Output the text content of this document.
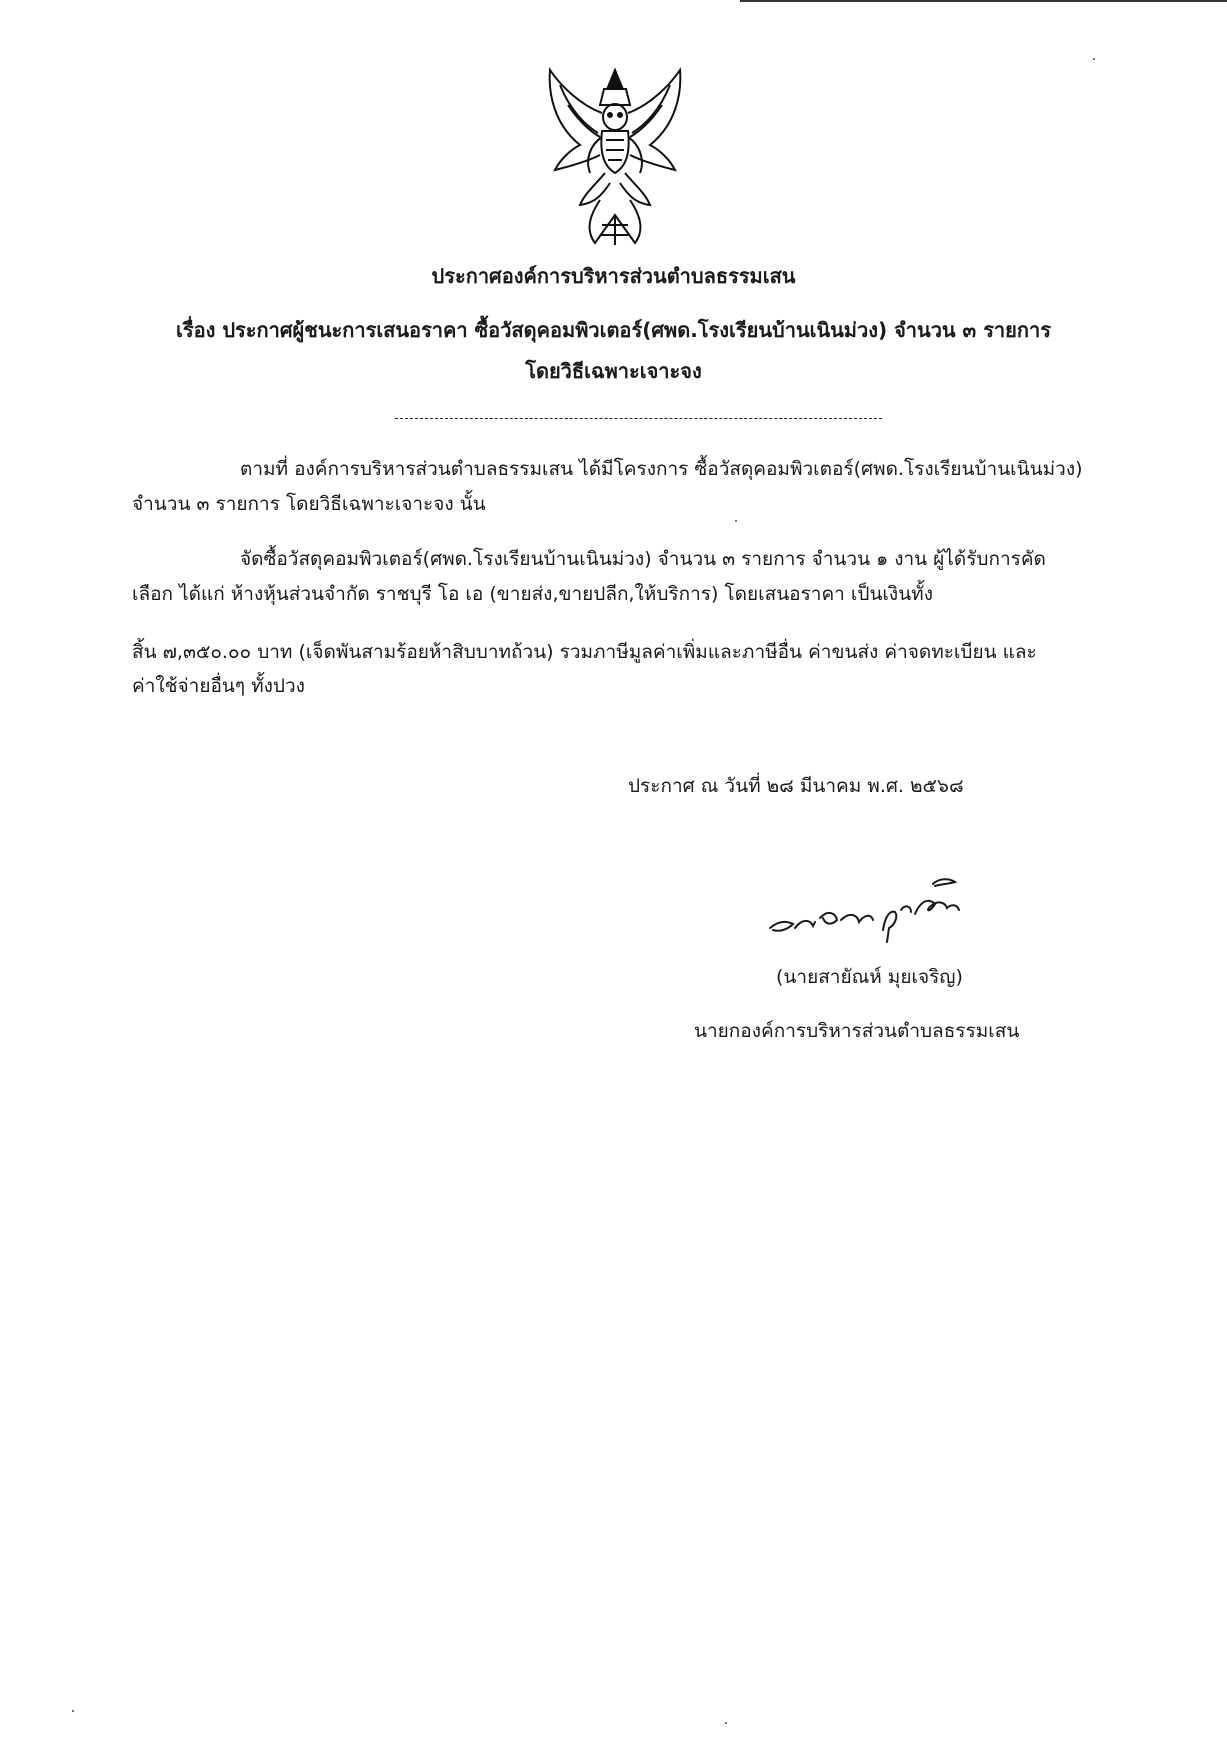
ประกาศองค์การบริหารส่วนตำบลธรรมเสน
เรื่อง ประกาศผู้ชนะการเสนอราคา ซื้อวัสดุคอมพิวเตอร์(ศพด.โรงเรียนบ้านเนินม่วง) จำนวน ๓ รายการ
โดยวิธีเฉพาะเจาะจง
ตามที่ องค์การบริหารส่วนตำบลธรรมเสน ได้มีโครงการ ซื้อวัสดุคอมพิวเตอร์(ศพด.โรงเรียนบ้านเนินม่วง)
จำนวน ๓ รายการ โดยวิธีเฉพาะเจาะจง นั้น
จัดซื้อวัสดุคอมพิวเตอร์(ศพด.โรงเรียนบ้านเนินม่วง) จำนวน ๓ รายการ จำนวน ๑ งาน ผู้ได้รับการคัด
เลือก ได้แก่ ห้างหุ้นส่วนจำกัด ราชบุรี โอ เอ (ขายส่ง,ขายปลีก,ให้บริการ) โดยเสนอราคา เป็นเงินทั้ง
สิ้น ๗,๓๕๐.๐๐ บาท (เจ็ดพันสามร้อยห้าสิบบาทถ้วน) รวมภาษีมูลค่าเพิ่มและภาษีอื่น ค่าขนส่ง ค่าจดทะเบียน และ
ค่าใช้จ่ายอื่นๆ ทั้งปวง
ประกาศ ณ วันที่ ๒๘ มีนาคม พ.ศ. ๒๕๖๘
(นายสายัณห์ มุยเจริญ)
นายกองค์การบริหารส่วนตำบลธรรมเสน
